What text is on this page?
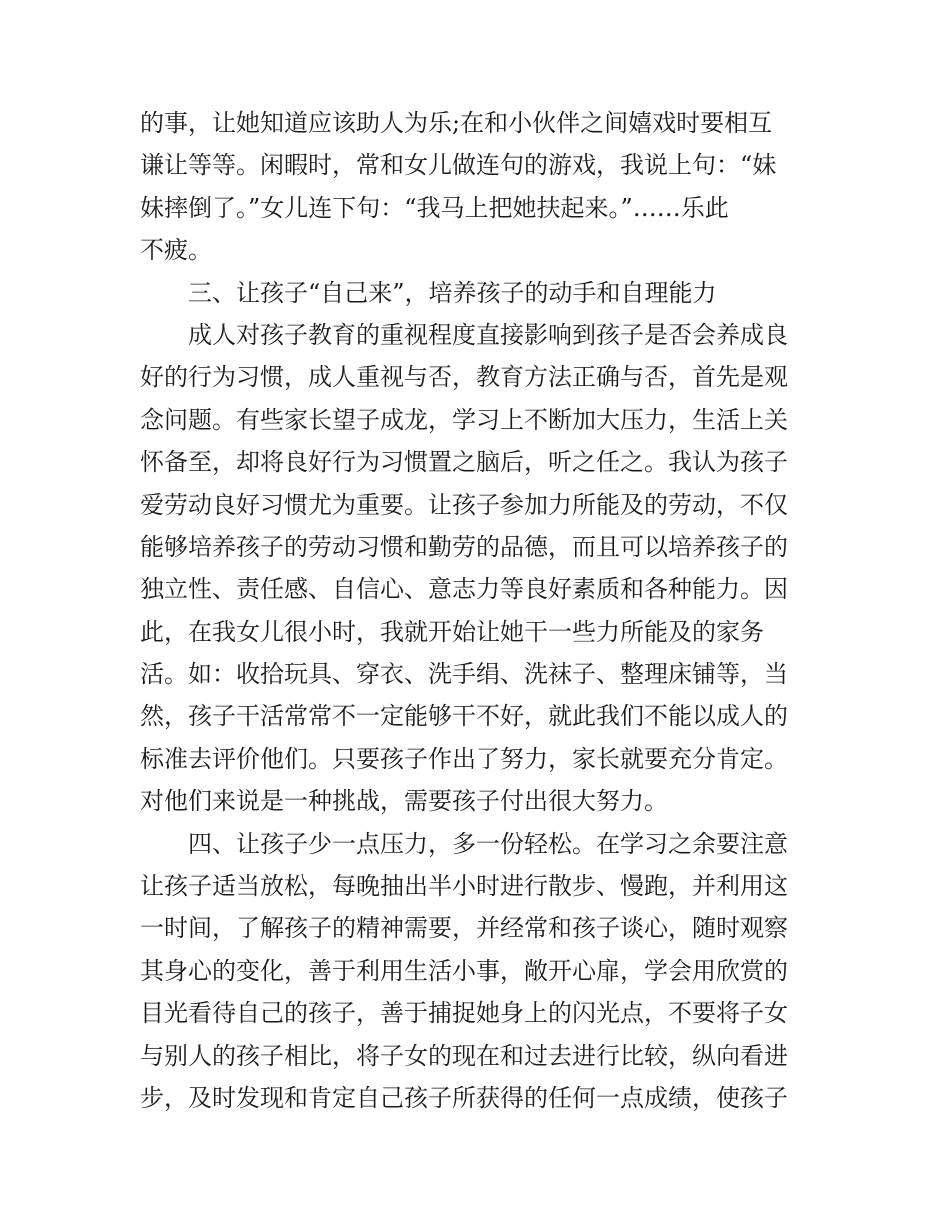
的事，让她知道应该助人为乐;在和小伙伴之间嬉戏时要相互
谦让等等。闲暇时，常和女儿做连句的游戏，我说上句：“妹
妹摔倒了。”女儿连下句：“我马上把她扶起来。”……乐此
不疲。
三、让孩子“自己来”，培养孩子的动手和自理能力
成人对孩子教育的重视程度直接影响到孩子是否会养成良
好的行为习惯，成人重视与否，教育方法正确与否，首先是观
念问题。有些家长望子成龙，学习上不断加大压力，生活上关
怀备至，却将良好行为习惯置之脑后，听之任之。我认为孩子
爱劳动良好习惯尤为重要。让孩子参加力所能及的劳动，不仅
能够培养孩子的劳动习惯和勤劳的品德，而且可以培养孩子的
独立性、责任感、自信心、意志力等良好素质和各种能力。因
此，在我女儿很小时，我就开始让她干一些力所能及的家务
活。如：收拾玩具、穿衣、洗手绢、洗袜子、整理床铺等，当
然，孩子干活常常不一定能够干不好，就此我们不能以成人的
标准去评价他们。只要孩子作出了努力，家长就要充分肯定。
对他们来说是一种挑战，需要孩子付出很大努力。
四、让孩子少一点压力，多一份轻松。在学习之余要注意
让孩子适当放松，每晚抽出半小时进行散步、慢跑，并利用这
一时间，了解孩子的精神需要，并经常和孩子谈心，随时观察
其身心的变化，善于利用生活小事，敞开心扉，学会用欣赏的
目光看待自己的孩子，善于捕捉她身上的闪光点，不要将子女
与别人的孩子相比，将子女的现在和过去进行比较，纵向看进
步，及时发现和肯定自己孩子所获得的任何一点成绩，使孩子
